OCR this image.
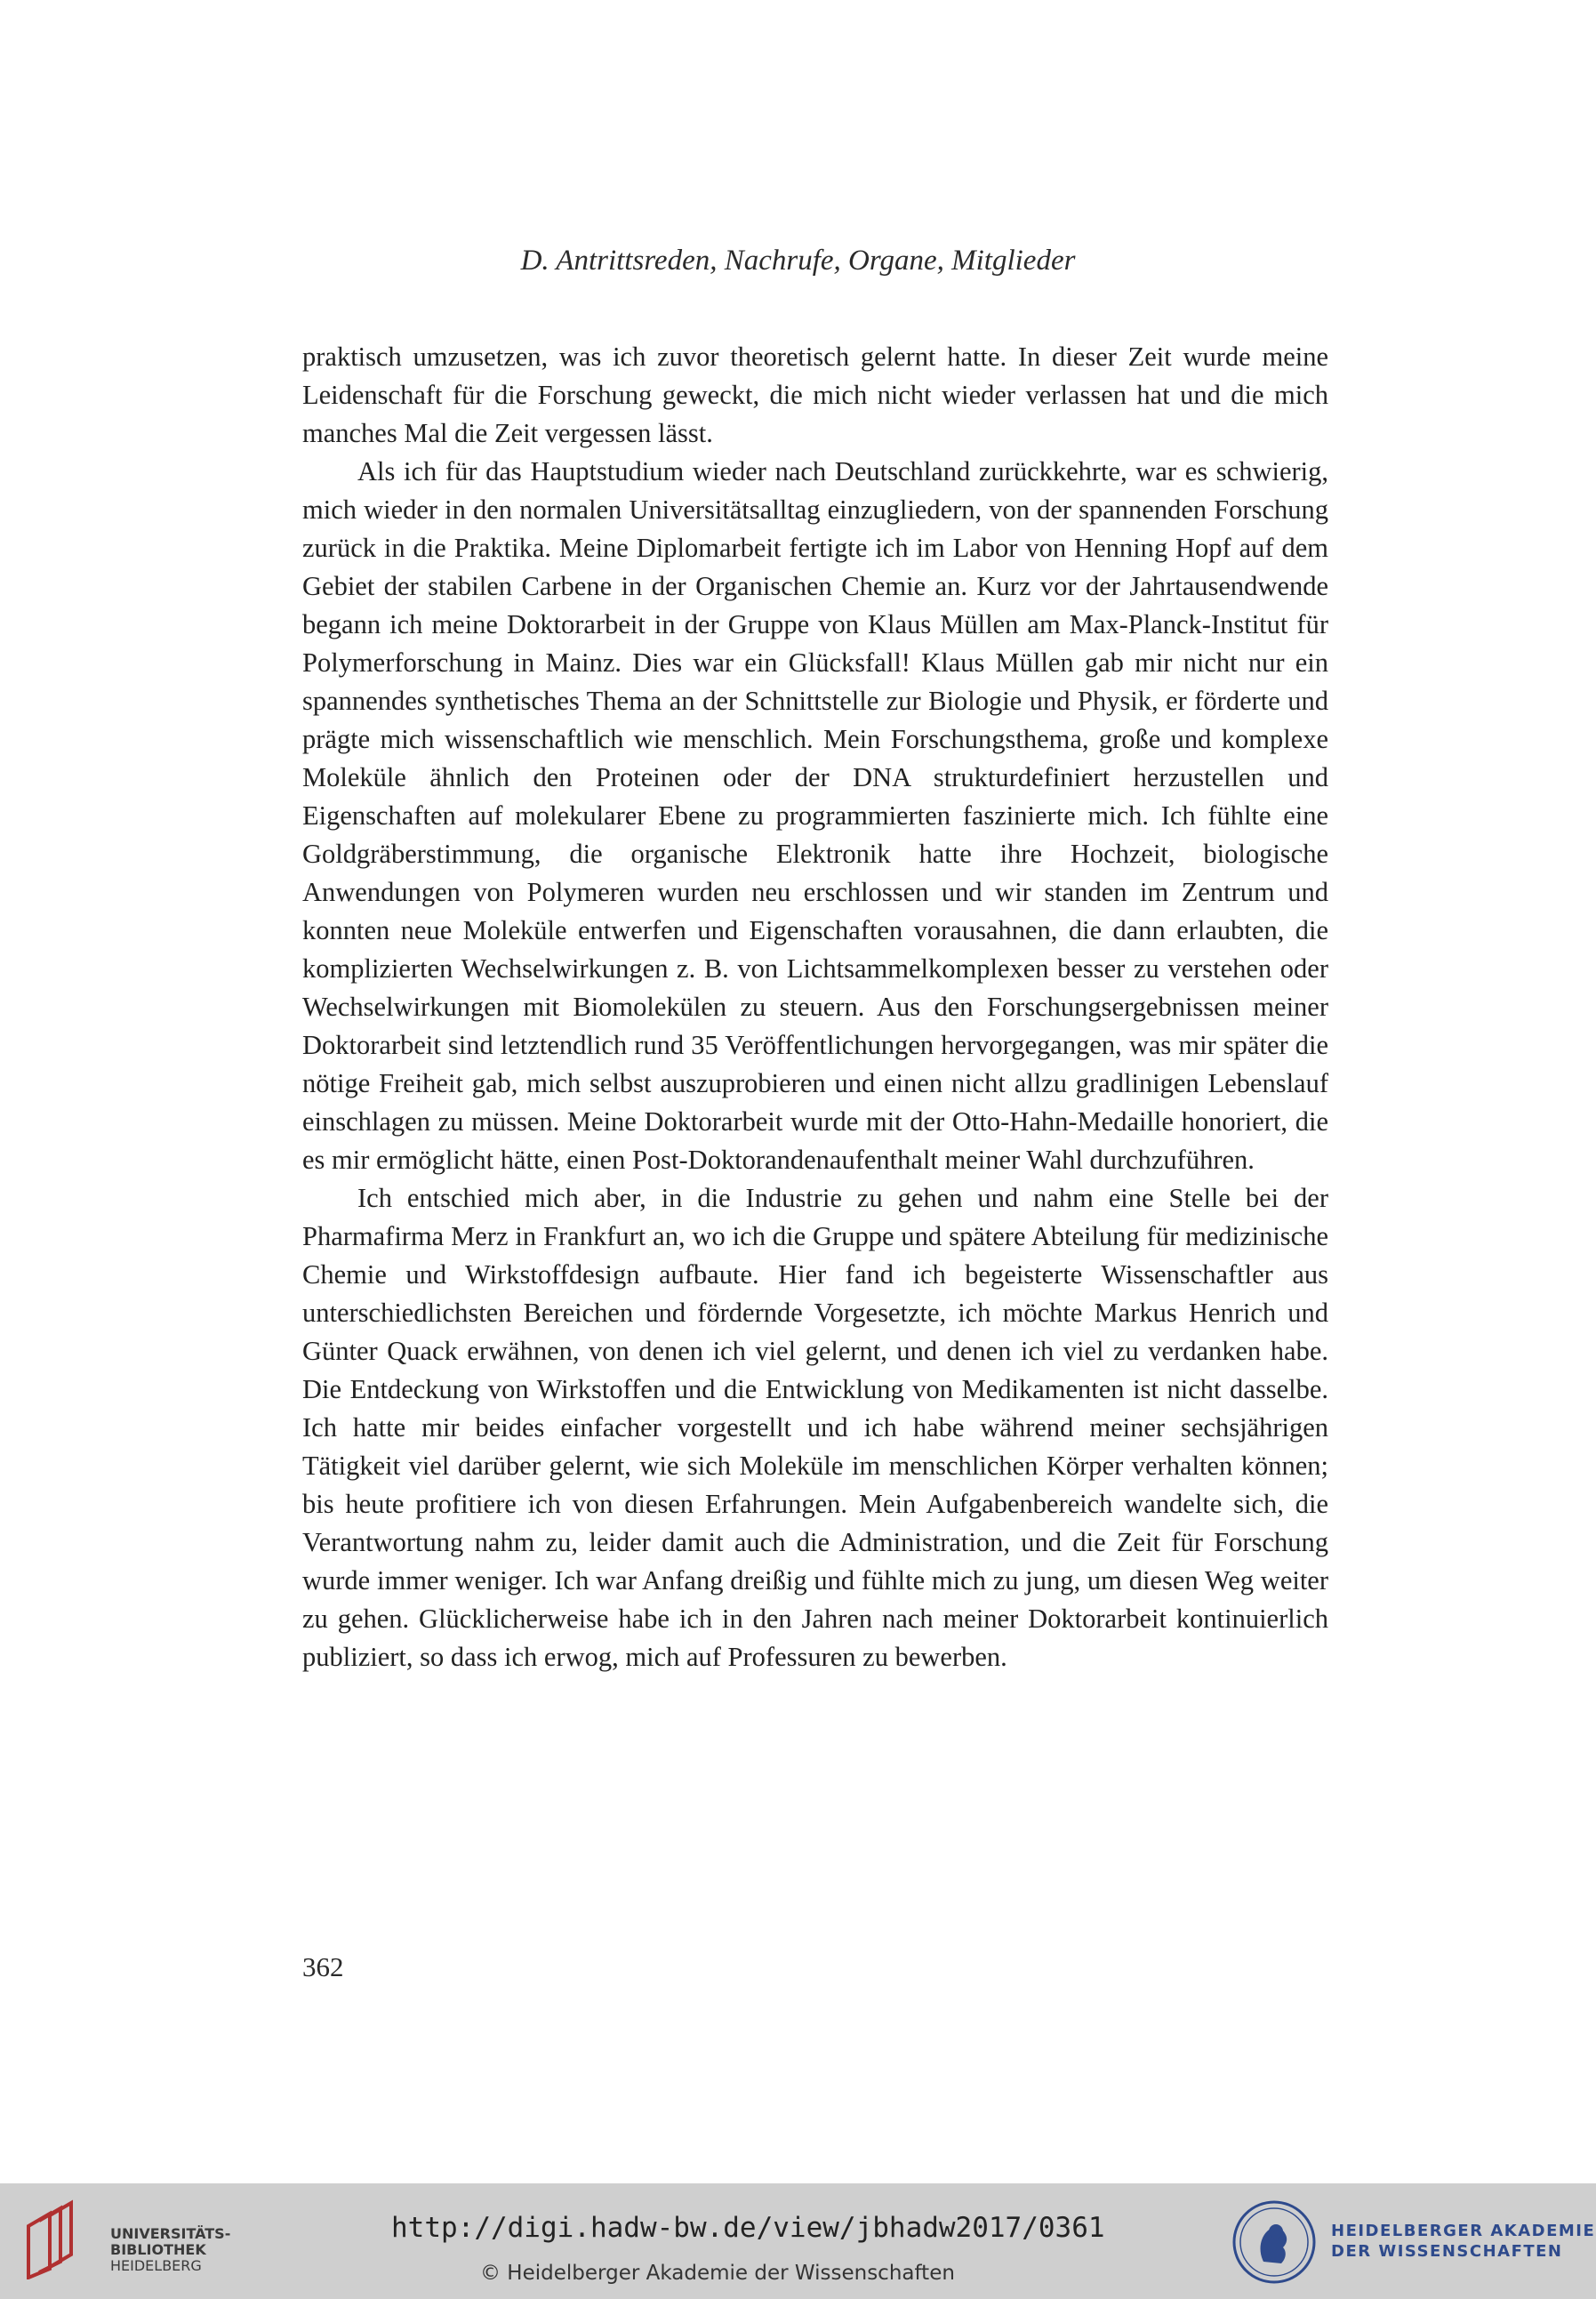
D. Antrittsreden, Nachrufe, Organe, Mitglieder

praktisch umzusetzen, was ich zuvor theoretisch gelernt hatte. In dieser Zeit wurde meine Leidenschaft für die Forschung geweckt, die mich nicht wieder verlassen hat und die mich manches Mal die Zeit vergessen lässt.

Als ich für das Hauptstudium wieder nach Deutschland zurückkehrte, war es schwierig, mich wieder in den normalen Universitätsalltag einzugliedern, von der spannenden Forschung zurück in die Praktika. Meine Diplomarbeit fertigte ich im Labor von Henning Hopf auf dem Gebiet der stabilen Carbene in der Organischen Chemie an. Kurz vor der Jahrtausendwende begann ich meine Doktorarbeit in der Gruppe von Klaus Müllen am Max-Planck-Institut für Polymerforschung in Mainz. Dies war ein Glücksfall! Klaus Müllen gab mir nicht nur ein spannendes synthetisches Thema an der Schnittstelle zur Biologie und Physik, er förderte und prägte mich wissenschaftlich wie menschlich. Mein Forschungsthema, große und komplexe Moleküle ähnlich den Proteinen oder der DNA strukturdefiniert herzustellen und Eigenschaften auf molekularer Ebene zu programmierten faszinierte mich. Ich fühlte eine Goldgräberstimmung, die organische Elektronik hatte ihre Hochzeit, biologische Anwendungen von Polymeren wurden neu erschlossen und wir standen im Zentrum und konnten neue Moleküle entwerfen und Eigenschaften vorausahnen, die dann erlaubten, die komplizierten Wechselwirkungen z. B. von Lichtsammelkomplexen besser zu verstehen oder Wechselwirkungen mit Biomolekülen zu steuern. Aus den Forschungsergebnissen meiner Doktorarbeit sind letztendlich rund 35 Veröffentlichungen hervorgegangen, was mir später die nötige Freiheit gab, mich selbst auszuprobieren und einen nicht allzu gradlinigen Lebenslauf einschlagen zu müssen. Meine Doktorarbeit wurde mit der Otto-Hahn-Medaille honoriert, die es mir ermöglicht hätte, einen Post-Doktorandenaufenthalt meiner Wahl durchzuführen.

Ich entschied mich aber, in die Industrie zu gehen und nahm eine Stelle bei der Pharmafirma Merz in Frankfurt an, wo ich die Gruppe und spätere Abteilung für medizinische Chemie und Wirkstoffdesign aufbaute. Hier fand ich begeisterte Wissenschaftler aus unterschiedlichsten Bereichen und fördernde Vorgesetzte, ich möchte Markus Henrich und Günter Quack erwähnen, von denen ich viel gelernt, und denen ich viel zu verdanken habe. Die Entdeckung von Wirkstoffen und die Entwicklung von Medikamenten ist nicht dasselbe. Ich hatte mir beides einfacher vorgestellt und ich habe während meiner sechsjährigen Tätigkeit viel darüber gelernt, wie sich Moleküle im menschlichen Körper verhalten können; bis heute profitiere ich von diesen Erfahrungen. Mein Aufgabenbereich wandelte sich, die Verantwortung nahm zu, leider damit auch die Administration, und die Zeit für Forschung wurde immer weniger. Ich war Anfang dreißig und fühlte mich zu jung, um diesen Weg weiter zu gehen. Glücklicherweise habe ich in den Jahren nach meiner Doktorarbeit kontinuierlich publiziert, so dass ich erwog, mich auf Professuren zu bewerben.

362
UNIVERSITÄTS-
BIBLIOTHEK
HEIDELBERG
http://digi.hadw-bw.de/view/jbhadw2017/0361
© Heidelberger Akademie der Wissenschaften
HEIDELBERGER AKADEMIE
DER WISSENSCHAFTEN
